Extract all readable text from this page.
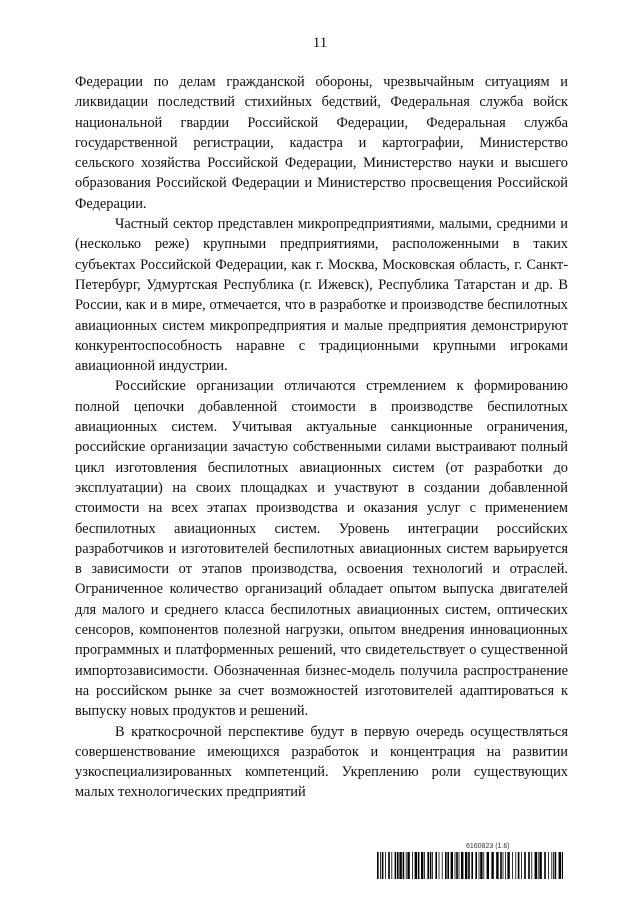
11

Федерации по делам гражданской обороны, чрезвычайным ситуациям и ликвидации последствий стихийных бедствий, Федеральная служба войск национальной гвардии Российской Федерации, Федеральная служба государственной регистрации, кадастра и картографии, Министерство сельского хозяйства Российской Федерации, Министерство науки и высшего образования Российской Федерации и Министерство просвещения Российской Федерации.

Частный сектор представлен микропредприятиями, малыми, средними и (несколько реже) крупными предприятиями, расположенными в таких субъектах Российской Федерации, как г. Москва, Московская область, г. Санкт-Петербург, Удмуртская Республика (г. Ижевск), Республика Татарстан и др. В России, как и в мире, отмечается, что в разработке и производстве беспилотных авиационных систем микропредприятия и малые предприятия демонстрируют конкурентоспособность наравне с традиционными крупными игроками авиационной индустрии.

Российские организации отличаются стремлением к формированию полной цепочки добавленной стоимости в производстве беспилотных авиационных систем. Учитывая актуальные санкционные ограничения, российские организации зачастую собственными силами выстраивают полный цикл изготовления беспилотных авиационных систем (от разработки до эксплуатации) на своих площадках и участвуют в создании добавленной стоимости на всех этапах производства и оказания услуг с применением беспилотных авиационных систем. Уровень интеграции российских разработчиков и изготовителей беспилотных авиационных систем варьируется в зависимости от этапов производства, освоения технологий и отраслей. Ограниченное количество организаций обладает опытом выпуска двигателей для малого и среднего класса беспилотных авиационных систем, оптических сенсоров, компонентов полезной нагрузки, опытом внедрения инновационных программных и платформенных решений, что свидетельствует о существенной импортозависимости. Обозначенная бизнес-модель получила распространение на российском рынке за счет возможностей изготовителей адаптироваться к выпуску новых продуктов и решений.

В краткосрочной перспективе будут в первую очередь осуществляться совершенствование имеющихся разработок и концентрация на развитии узкоспециализированных компетенций. Укреплению роли существующих малых технологических предприятий

6160823 (1.6)
